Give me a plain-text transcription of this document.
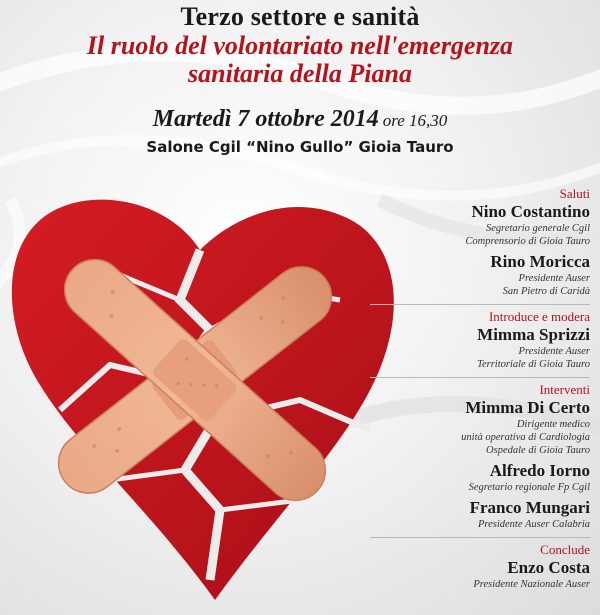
Terzo settore e sanità
Il ruolo del volontariato nell'emergenza
sanitaria della Piana
Martedì 7 ottobre 2014 ore 16,30
Salone Cgil “Nino Gullo” Gioia Tauro
Saluti
Nino Costantino
Segretario generale Cgil
Comprensorio di Gioia Tauro
Rino Moricca
Presidente Auser
San Pietro di Caridà
Introduce e modera
Mimma Sprizzi
Presidente Auser
Territoriale di Gioia Tauro
Interventi
Mimma Di Certo
Dirigente medico
unità operativa di Cardiologia
Ospedale di Gioia Tauro
Alfredo Iorno
Segretario regionale Fp Cgil
Franco Mungari
Presidente Auser Calabria
Conclude
Enzo Costa
Presidente Nazionale Auser
